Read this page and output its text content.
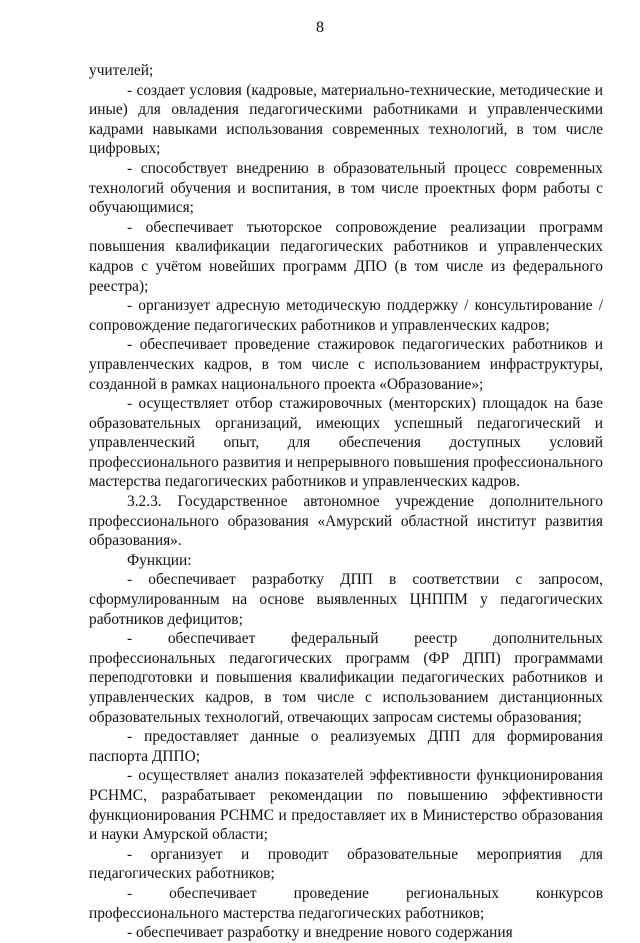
8

учителей;

- создает условия (кадровые, материально-технические, методические и иные) для овладения педагогическими работниками и управленческими кадрами навыками использования современных технологий, в том числе цифровых;

- способствует внедрению в образовательный процесс современных технологий обучения и воспитания, в том числе проектных форм работы с обучающимися;

- обеспечивает тьюторское сопровождение реализации программ повышения квалификации педагогических работников и управленческих кадров с учётом новейших программ ДПО (в том числе из федерального реестра);

- организует адресную методическую поддержку / консультирование / сопровождение педагогических работников и управленческих кадров;

- обеспечивает проведение стажировок педагогических работников и управленческих кадров, в том числе с использованием инфраструктуры, созданной в рамках национального проекта «Образование»;

- осуществляет отбор стажировочных (менторских) площадок на базе образовательных организаций, имеющих успешный педагогический и управленческий опыт, для обеспечения доступных условий профессионального развития и непрерывного повышения профессионального мастерства педагогических работников и управленческих кадров.

3.2.3. Государственное автономное учреждение дополнительного профессионального образования «Амурский областной институт развития образования».

Функции:

- обеспечивает разработку ДПП в соответствии с запросом, сформулированным на основе выявленных ЦНППМ у педагогических работников дефицитов;

- обеспечивает федеральный реестр дополнительных профессиональных педагогических программ (ФР ДПП) программами переподготовки и повышения квалификации педагогических работников и управленческих кадров, в том числе с использованием дистанционных образовательных технологий, отвечающих запросам системы образования;

- предоставляет данные о реализуемых ДПП для формирования паспорта ДППО;

- осуществляет анализ показателей эффективности функционирования РСНМС, разрабатывает рекомендации по повышению эффективности функционирования РСНМС и предоставляет их в Министерство образования и науки Амурской области;

- организует и проводит образовательные мероприятия для педагогических работников;

- обеспечивает проведение региональных конкурсов профессионального мастерства педагогических работников;

- обеспечивает разработку и внедрение нового содержания
